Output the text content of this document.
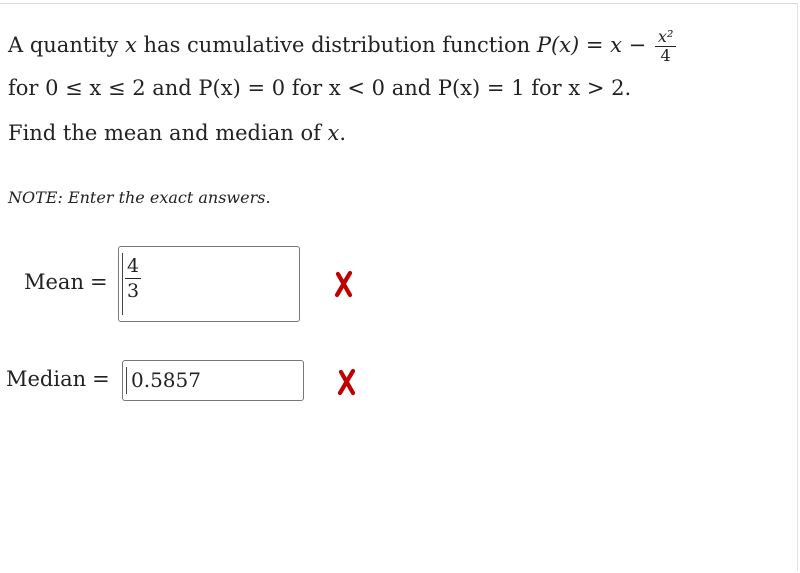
A quantity x has cumulative distribution function $P(x) = x - \frac{\text{x²}}{4}$
for 0 ≤ x ≤ 2 and P(x) = 0 for x < 0 and P(x) = 1 for x > 2.
Find the mean and median of x.
NOTE: Enter the exact answers.
Mean = $\frac{4}{3}$
Median = 0.5857
